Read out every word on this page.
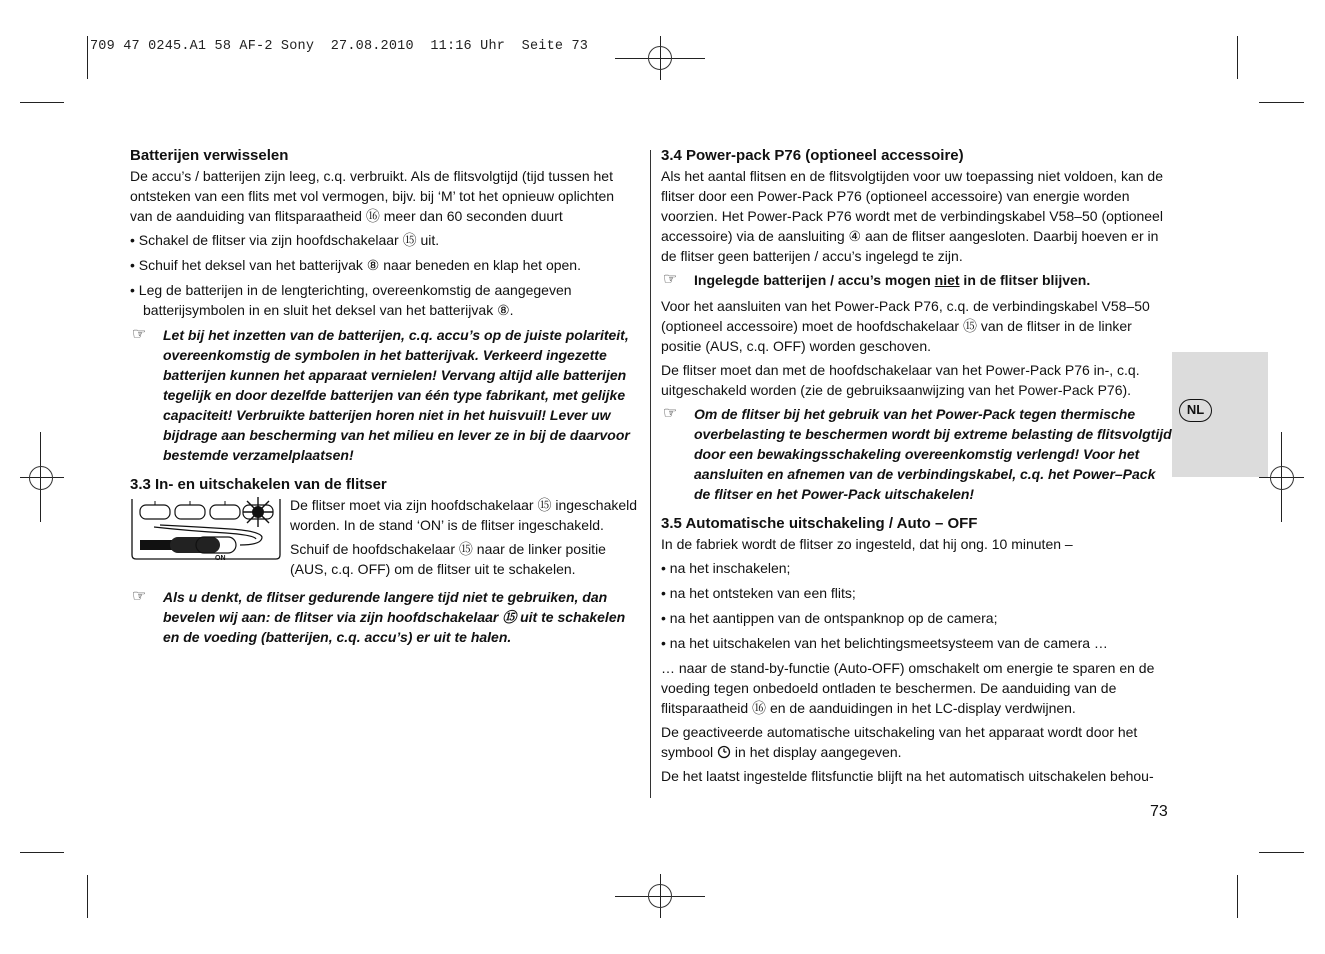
709 47 0245.A1 58 AF-2 Sony  27.08.2010  11:16 Uhr  Seite 73
NL
Batterijen verwisselen

De accu’s / batterijen zijn leeg, c.q. verbruikt. Als de flitsvolgtijd (tijd tussen het ontsteken van een flits met vol vermogen, bijv. bij ‘M’ tot het opnieuw oplichten van de aanduiding van flitsparaatheid ⑯ meer dan 60 seconden duurt

• Schakel de flitser via zijn hoofdschakelaar ⑮ uit.
• Schuif het deksel van het batterijvak ⑧ naar beneden en klap het open.
• Leg de batterijen in de lengterichting, overeenkomstig de aangegeven batterijsymbolen in en sluit het deksel van het batterijvak ⑧.
☞ Let bij het inzetten van de batterijen, c.q. accu’s op de juiste polariteit, overeenkomstig de symbolen in het batterijvak. Verkeerd ingezette batterijen kunnen het apparaat vernielen! Vervang altijd alle batterijen tegelijk en door dezelfde batterijen van één type fabrikant, met gelijke capaciteit! Verbruikte batterijen horen niet in het huisvuil! Lever uw bijdrage aan bescherming van het milieu en lever ze in bij de daarvoor bestemde verzamelplaatsen!
3.3 In- en uitschakelen van de flitser

De flitser moet via zijn hoofdschakelaar ⑮ ingeschakeld worden. In de stand ‘ON’ is de flitser ingeschakeld.

Schuif de hoofdschakelaar ⑮ naar de linker positie (AUS, c.q. OFF) om de flitser uit te schakelen.

☞ Als u denkt, de flitser gedurende langere tijd niet te gebruiken, dan bevelen wij aan: de flitser via zijn hoofdschakelaar ⑮ uit te schakelen en de voeding (batterijen, c.q. accu’s) er uit te halen.
ON
3.4 Power-pack P76 (optioneel accessoire)

Als het aantal flitsen en de flitsvolgtijden voor uw toepassing niet voldoen, kan de flitser door een Power-Pack P76 (optioneel accessoire) van energie worden voorzien. Het Power-Pack P76 wordt met de verbindingskabel V58–50 (optioneel accessoire) via de aansluiting ④ aan de flitser aangesloten. Daarbij hoeven er in de flitser geen batterijen / accu’s ingelegd te zijn.

☞ Ingelegde batterijen / accu’s mogen niet in de flitser blijven.

Voor het aansluiten van het Power-Pack P76, c.q. de verbindingskabel V58–50 (optioneel accessoire) moet de hoofdschakelaar ⑮ van de flitser in de linker positie (AUS, c.q. OFF) worden geschoven.

De flitser moet dan met de hoofdschakelaar van het Power-Pack P76 in-, c.q. uitgeschakeld worden (zie de gebruiksaanwijzing van het Power-Pack P76).

☞ Om de flitser bij het gebruik van het Power-Pack tegen thermische overbelasting te beschermen wordt bij extreme belasting de flitsvolgtijd door een bewakingsschakeling overeenkomstig verlengd! Voor het aansluiten en afnemen van de verbindingskabel, c.q. het Power–Pack de flitser en het Power-Pack uitschakelen!
3.5 Automatische uitschakeling / Auto – OFF

In de fabriek wordt de flitser zo ingesteld, dat hij ong. 10 minuten –

• na het inschakelen;
• na het ontsteken van een flits;
• na het aantippen van de ontspanknop op de camera;
• na het uitschakelen van het belichtingsmeetsysteem van de camera …

… naar de stand-by-functie (Auto-OFF) omschakelt om energie te sparen en de voeding tegen onbedoeld ontladen te beschermen. De aanduiding van de flitsparaatheid ⑯ en de aanduidingen in het LC-display verdwijnen.

De geactiveerde automatische uitschakeling van het apparaat wordt door het symbool  in het display aangegeven.

De het laatst ingestelde flitsfunctie blijft na het automatisch uitschakelen behou-

73
